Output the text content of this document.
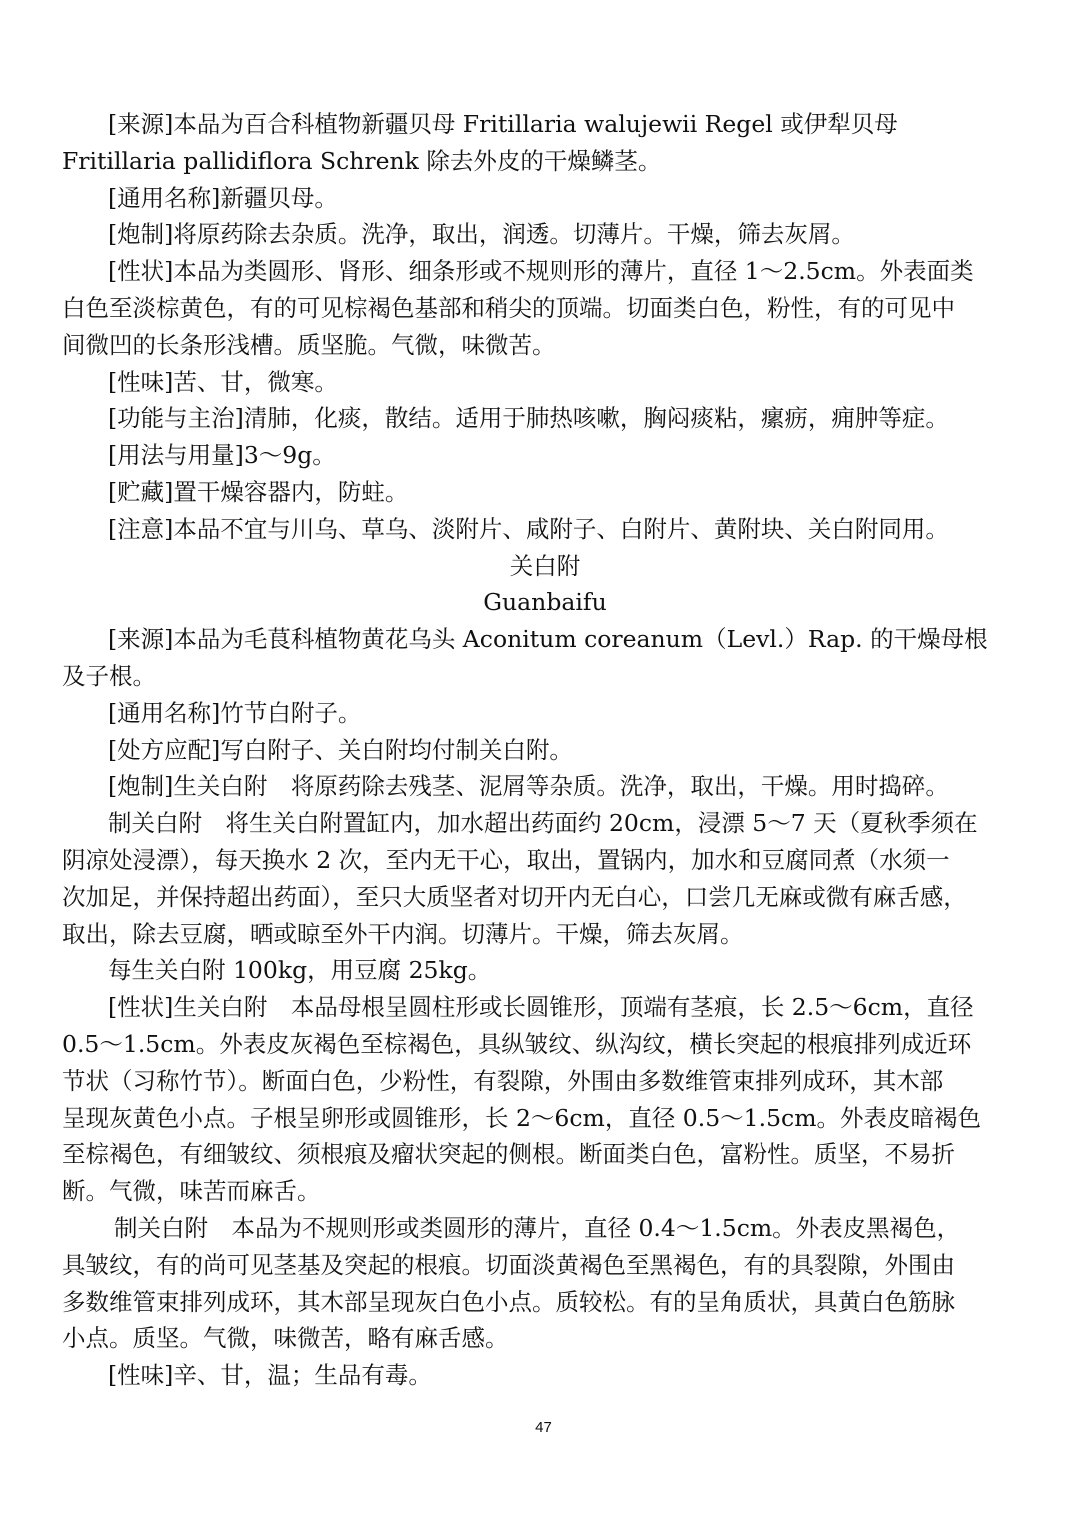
[来源]本品为百合科植物新疆贝母 Fritillaria walujewii Regel 或伊犁贝母
Fritillaria pallidiflora Schrenk 除去外皮的干燥鳞茎。
[通用名称]新疆贝母。
[炮制]将原药除去杂质。洗净，取出，润透。切薄片。干燥，筛去灰屑。
[性状]本品为类圆形、肾形、细条形或不规则形的薄片，直径 1～2.5cm。外表面类
白色至淡棕黄色，有的可见棕褐色基部和稍尖的顶端。切面类白色，粉性，有的可见中
间微凹的长条形浅槽。质坚脆。气微，味微苦。
[性味]苦、甘，微寒。
[功能与主治]清肺，化痰，散结。适用于肺热咳嗽，胸闷痰粘，瘰疬，痈肿等症。
[用法与用量]3～9g。
[贮藏]置干燥容器内，防蛀。
[注意]本品不宜与川乌、草乌、淡附片、咸附子、白附片、黄附块、关白附同用。
关白附
Guanbaifu
[来源]本品为毛茛科植物黄花乌头 Aconitum coreanum（Levl.）Rap. 的干燥母根
及子根。
[通用名称]竹节白附子。
[处方应配]写白附子、关白附均付制关白附。
[炮制]生关白附　将原药除去残茎、泥屑等杂质。洗净，取出，干燥。用时捣碎。
制关白附　将生关白附置缸内，加水超出药面约 20cm，浸漂 5～7 天（夏秋季须在
阴凉处浸漂），每天换水 2 次，至内无干心，取出，置锅内，加水和豆腐同煮（水须一
次加足，并保持超出药面），至只大质坚者对切开内无白心，口尝几无麻或微有麻舌感，
取出，除去豆腐，晒或晾至外干内润。切薄片。干燥，筛去灰屑。
每生关白附 100kg，用豆腐 25kg。
[性状]生关白附　本品母根呈圆柱形或长圆锥形，顶端有茎痕，长 2.5～6cm，直径
0.5～1.5cm。外表皮灰褐色至棕褐色，具纵皱纹、纵沟纹，横长突起的根痕排列成近环
节状（习称竹节）。断面白色，少粉性，有裂隙，外围由多数维管束排列成环，其木部
呈现灰黄色小点。子根呈卵形或圆锥形，长 2～6cm，直径 0.5～1.5cm。外表皮暗褐色
至棕褐色，有细皱纹、须根痕及瘤状突起的侧根。断面类白色，富粉性。质坚，不易折
断。气微，味苦而麻舌。
制关白附　本品为不规则形或类圆形的薄片，直径 0.4～1.5cm。外表皮黑褐色，
具皱纹，有的尚可见茎基及突起的根痕。切面淡黄褐色至黑褐色，有的具裂隙，外围由
多数维管束排列成环，其木部呈现灰白色小点。质较松。有的呈角质状，具黄白色筋脉
小点。质坚。气微，味微苦，略有麻舌感。
[性味]辛、甘，温；生品有毒。
47
